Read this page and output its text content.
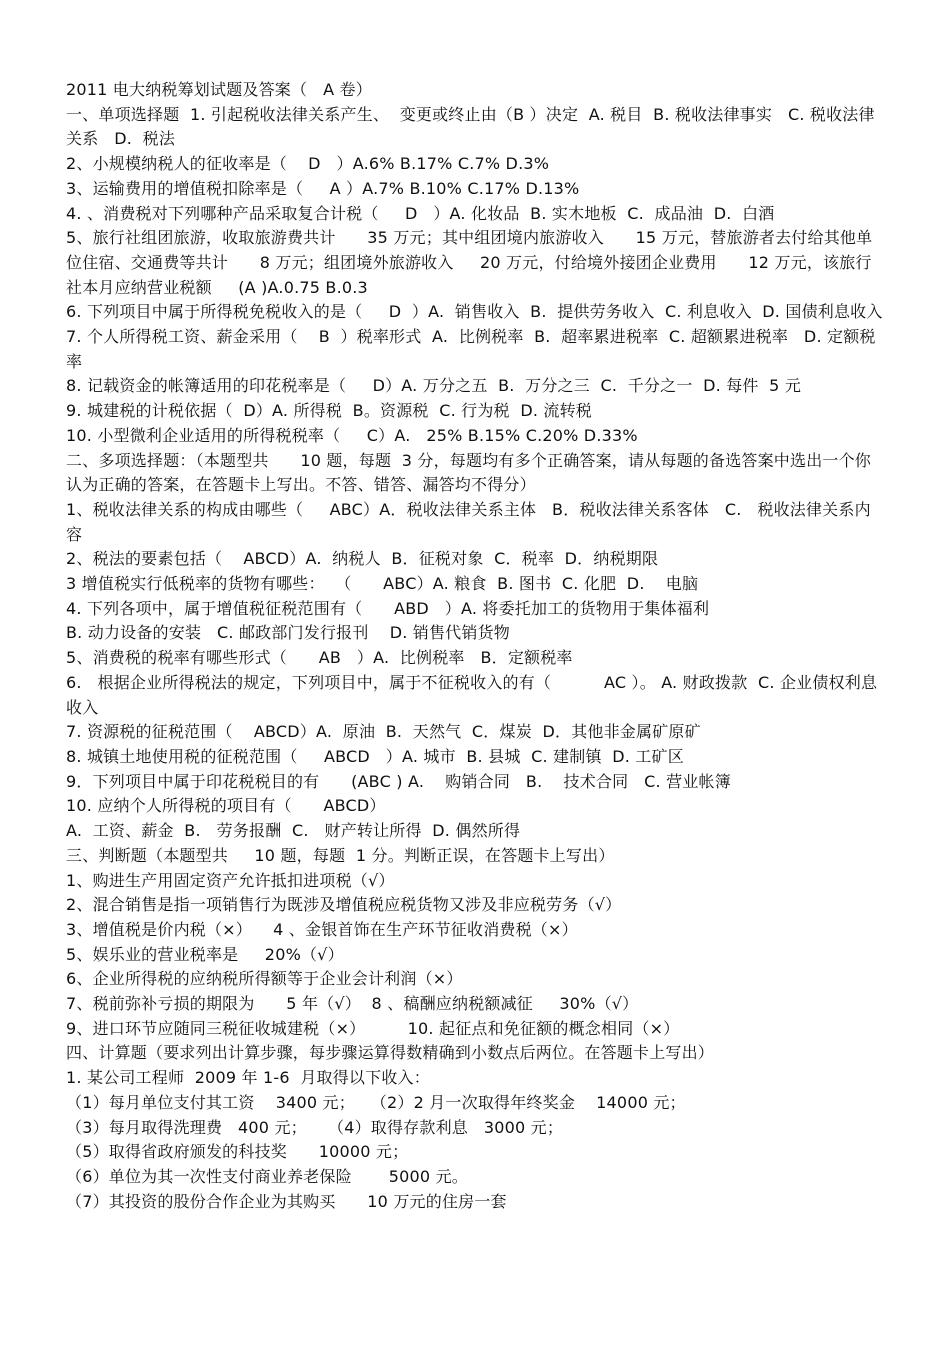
2011 电大纳税筹划试题及答案（   A 卷）
一、单项选择题  1. 引起税收法律关系产生、  变更或终止由（B ）决定  A. 税目  B. 税收法律事实   C. 税收法律关系   D.  税法
2、小规模纳税人的征收率是（    D   ）A.6% B.17% C.7% D.3%
3、运输费用的增值税扣除率是（     A ）A.7% B.10% C.17% D.13%
4. 、消费税对下列哪种产品采取复合计税（     D   ）A. 化妆品  B. 实木地板  C.  成品油  D.  白酒
5、旅行社组团旅游，收取旅游费共计      35 万元；其中组团境内旅游收入      15 万元，替旅游者去付给其他单位住宿、交通费等共计      8 万元；组团境外旅游收入     20 万元，付给境外接团企业费用      12 万元，该旅行社本月应纳营业税额     (A )A.0.75 B.0.3
6. 下列项目中属于所得税免税收入的是（     D  ）A.  销售收入  B.  提供劳务收入  C. 利息收入  D. 国债利息收入
7. 个人所得税工资、薪金采用（    B  ）税率形式  A.  比例税率  B.  超率累进税率  C. 超额累进税率   D. 定额税率
8. 记载资金的帐簿适用的印花税率是（     D）A. 万分之五  B.  万分之三  C.  千分之一  D. 每件  5 元
9. 城建税的计税依据（  D）A. 所得税  B。资源税  C. 行为税  D. 流转税
10. 小型微利企业适用的所得税税率（     C）A.   25% B.15% C.20% D.33%
二、多项选择题：（本题型共      10 题，每题  3 分，每题均有多个正确答案，请从每题的备选答案中选出一个你认为正确的答案，在答题卡上写出。不答、错答、漏答均不得分）
1、税收法律关系的构成由哪些（     ABC）A．税收法律关系主体   B．税收法律关系客体   C.   税收法律关系内容
2、税法的要素包括（    ABCD）A.  纳税人  B．征税对象  C．税率  D．纳税期限
3 增值税实行低税率的货物有哪些：  （      ABC）A. 粮食  B. 图书  C. 化肥  D.    电脑
4. 下列各项中，属于增值税征税范围有（      ABD   ）A. 将委托加工的货物用于集体福利
B. 动力设备的安装   C. 邮政部门发行报刊    D. 销售代销货物
5、消费税的税率有哪些形式（      AB   ）A.  比例税率   B．定额税率
6.   根据企业所得税法的规定，下列项目中，属于不征税收入的有（          AC ）。 A. 财政拨款  C. 企业债权利息收入
7. 资源税的征税范围（    ABCD）A.  原油  B.  天然气  C．煤炭  D．其他非金属矿原矿
8. 城镇土地使用税的征税范围（     ABCD   ）A. 城市  B. 县城  C. 建制镇  D. 工矿区
9．下列项目中属于印花税税目的有      (ABC ) A.    购销合同   B.    技术合同   C. 营业帐簿
10. 应纳个人所得税的项目有（      ABCD）
A.  工资、薪金  B.   劳务报酬  C.   财产转让所得  D. 偶然所得
三、判断题（本题型共     10 题，每题  1 分。判断正误，在答题卡上写出）
1、购进生产用固定资产允许抵扣进项税（√）
2、混合销售是指一项销售行为既涉及增值税应税货物又涉及非应税劳务（√）
3、增值税是价内税（×）    4 、金银首饰在生产环节征收消费税（×）
5、娱乐业的营业税率是     20%（√）
6、企业所得税的应纳税所得额等于企业会计利润（×）
7、税前弥补亏损的期限为      5 年（√）  8 、稿酬应纳税额减征     30%（√）
9、进口环节应随同三税征收城建税（×）        10. 起征点和免征额的概念相同（×）
四、计算题（要求列出计算步骤，每步骤运算得数精确到小数点后两位。在答题卡上写出）
1. 某公司工程师  2009 年 1-6  月取得以下收入：
（1）每月单位支付其工资    3400 元；   （2）2 月一次取得年终奖金    14000 元；
（3）每月取得洗理费   400 元；    （4）取得存款利息   3000 元；
（5）取得省政府颁发的科技奖      10000 元；
（6）单位为其一次性支付商业养老保险       5000 元。
（7）其投资的股份合作企业为其购买      10 万元的住房一套
